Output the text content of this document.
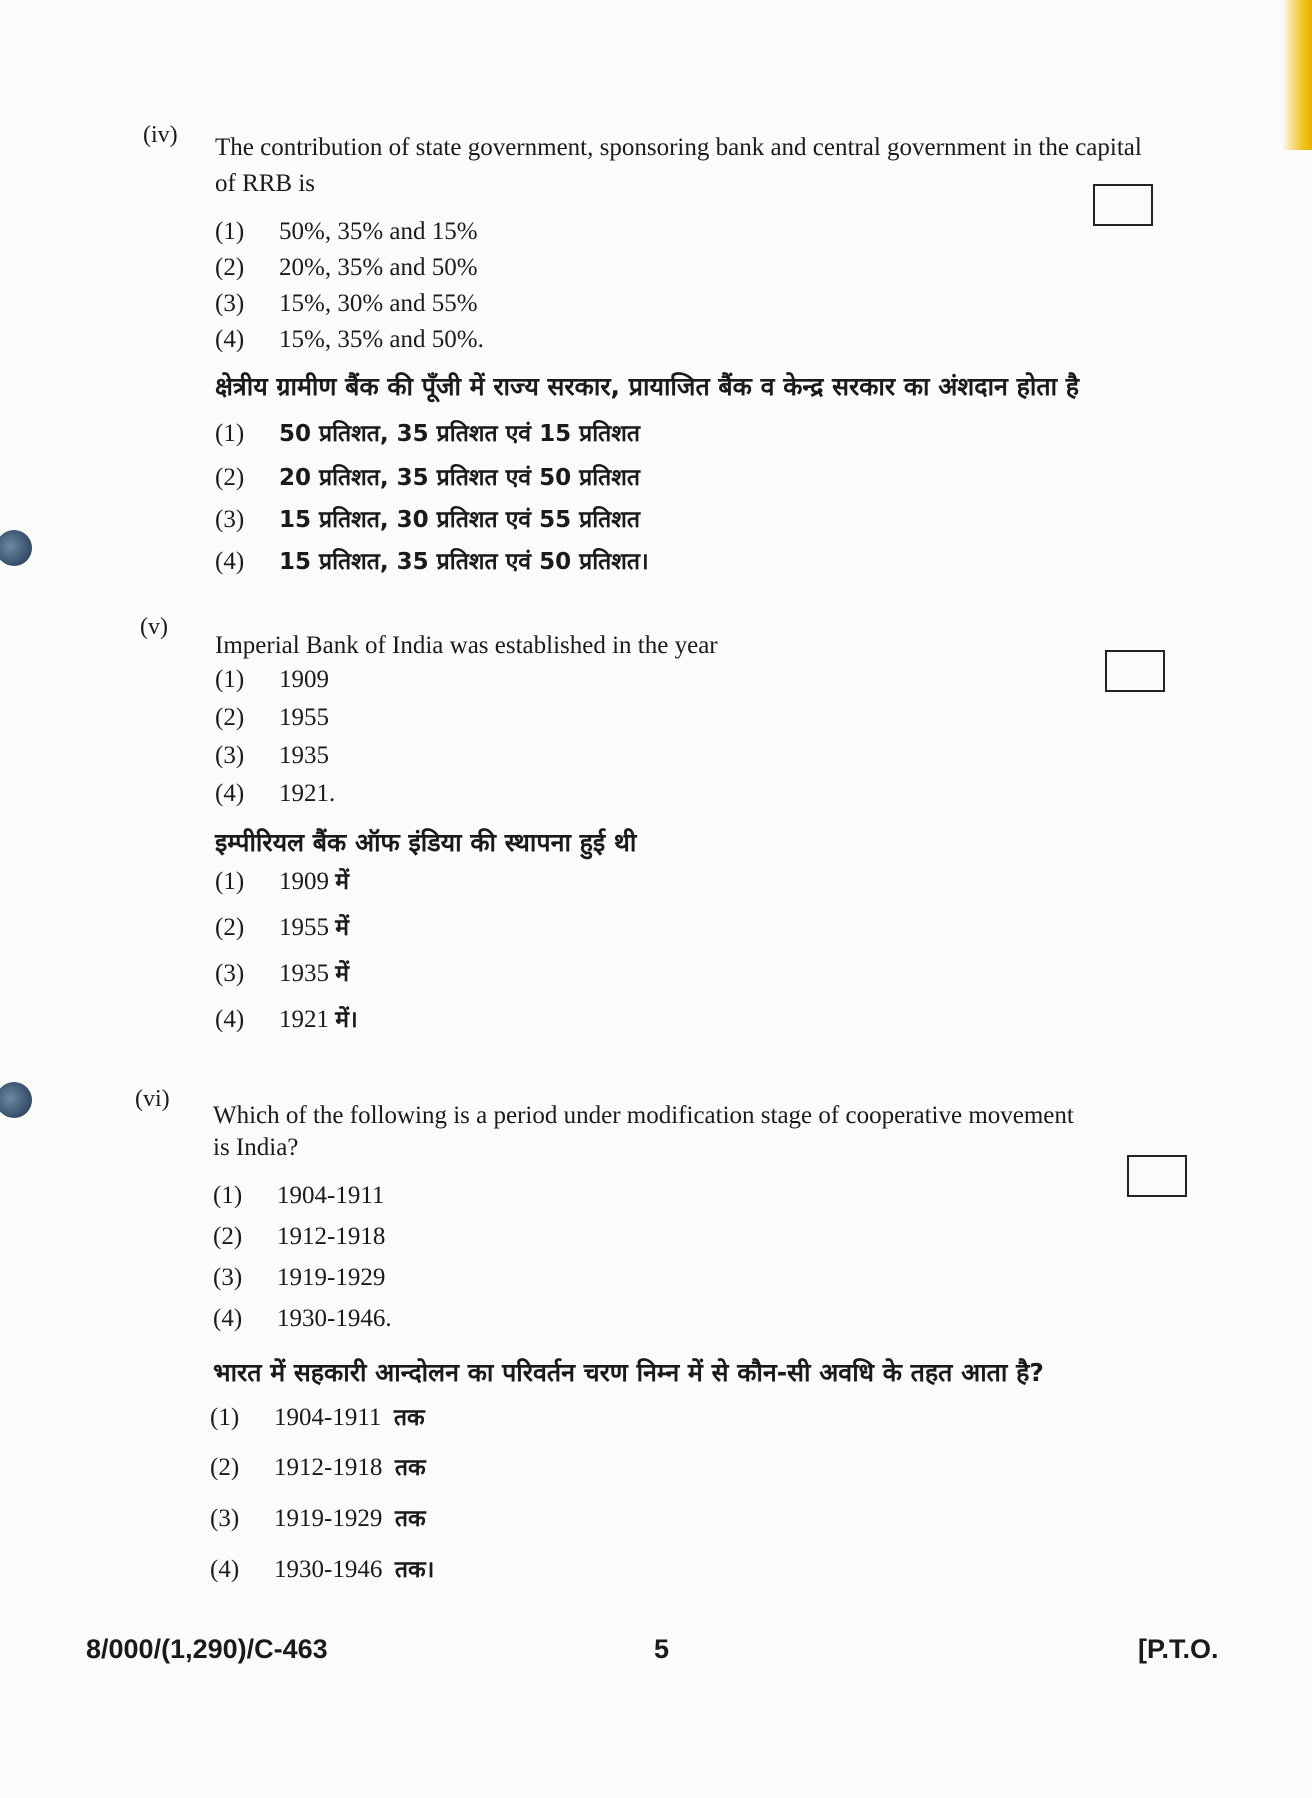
(iv) The contribution of state government, sponsoring bank and central government in the capital of RRB is
(1) 50%, 35% and 15%
(2) 20%, 35% and 50%
(3) 15%, 30% and 55%
(4) 15%, 35% and 50%.
क्षेत्रीय ग्रामीण बैंक की पूँजी में राज्य सरकार, प्रायाजित बैंक व केन्द्र सरकार का अंशदान होता है
(1) 50 प्रतिशत, 35 प्रतिशत एवं 15 प्रतिशत
(2) 20 प्रतिशत, 35 प्रतिशत एवं 50 प्रतिशत
(3) 15 प्रतिशत, 30 प्रतिशत एवं 55 प्रतिशत
(4) 15 प्रतिशत, 35 प्रतिशत एवं 50 प्रतिशत।
(v)
Imperial Bank of India was established in the year
(1) 1909
(2) 1955
(3) 1935
(4) 1921.
इम्पीरियल बैंक ऑफ इंडिया की स्थापना हुई थी
(1) 1909 में
(2) 1955 में
(3) 1935 में
(4) 1921 में।
(vi)
Which of the following is a period under modification stage of cooperative movement
is India?
(1) 1904-1911
(2) 1912-1918
(3) 1919-1929
(4) 1930-1946.
भारत में सहकारी आन्दोलन का परिवर्तन चरण निम्न में से कौन-सी अवधि के तहत आता है?
(1) 1904-1911 तक
(2) 1912-1918 तक
(3) 1919-1929 तक
(4) 1930-1946 तक।
8/000/(1,290)/C-463	5	[P.T.O.
